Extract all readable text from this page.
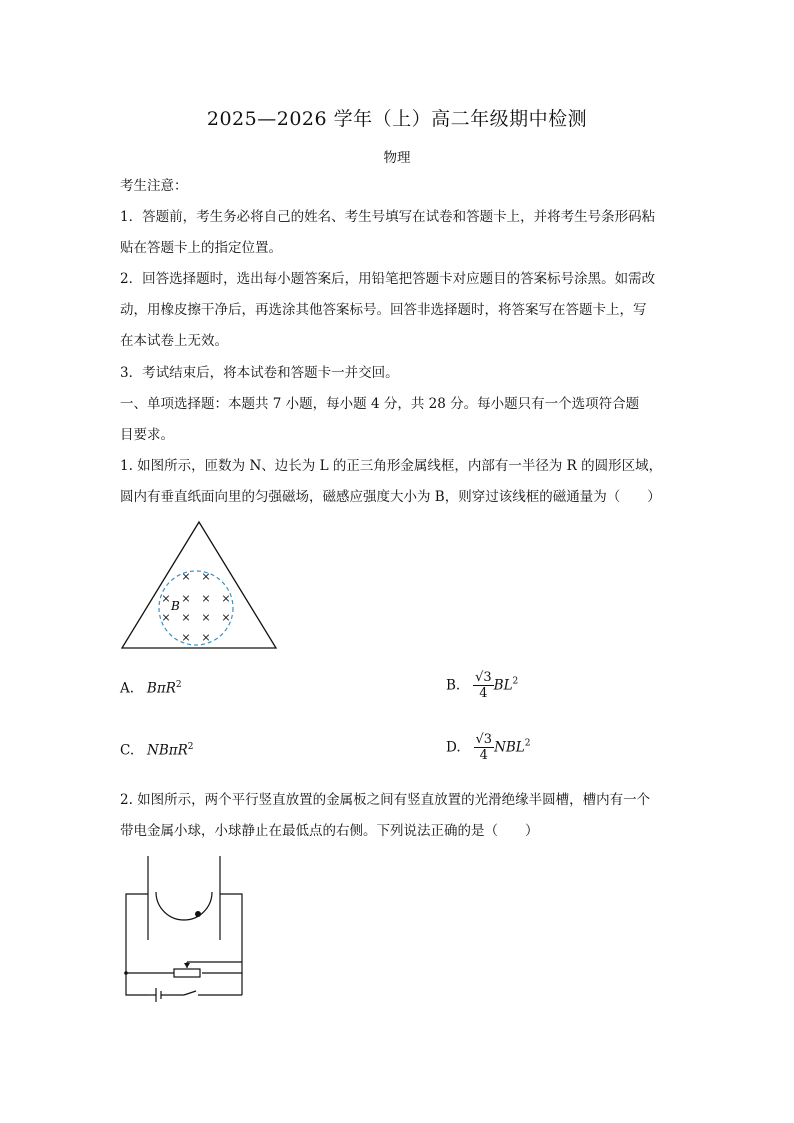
2025—2026 学年（上）高二年级期中检测
物理
考生注意：
1．答题前，考生务必将自己的姓名、考生号填写在试卷和答题卡上，并将考生号条形码粘
贴在答题卡上的指定位置。
2．回答选择题时，选出每小题答案后，用铅笔把答题卡对应题目的答案标号涂黑。如需改
动，用橡皮擦干净后，再选涂其他答案标号。回答非选择题时，将答案写在答题卡上，写
在本试卷上无效。
3．考试结束后，将本试卷和答题卡一并交回。
一、单项选择题：本题共 7 小题，每小题 4 分，共 28 分。每小题只有一个选项符合题
目要求。
1. 如图所示，匝数为 N、边长为 L 的正三角形金属线框，内部有一半径为 R 的圆形区域，
圆内有垂直纸面向里的匀强磁场，磁感应强度大小为 B，则穿过该线框的磁通量为（　　）
× ×
× × × ×
× × × ×
× ×
B
A. BπR$^2$	B. $\frac{√3}{4} BL^2$
C. NBπR$^2$	D. $\frac{√3}{4} NBL^2$
2. 如图所示，两个平行竖直放置的金属板之间有竖直放置的光滑绝缘半圆槽，槽内有一个
带电金属小球，小球静止在最低点的右侧。下列说法正确的是（　　）
